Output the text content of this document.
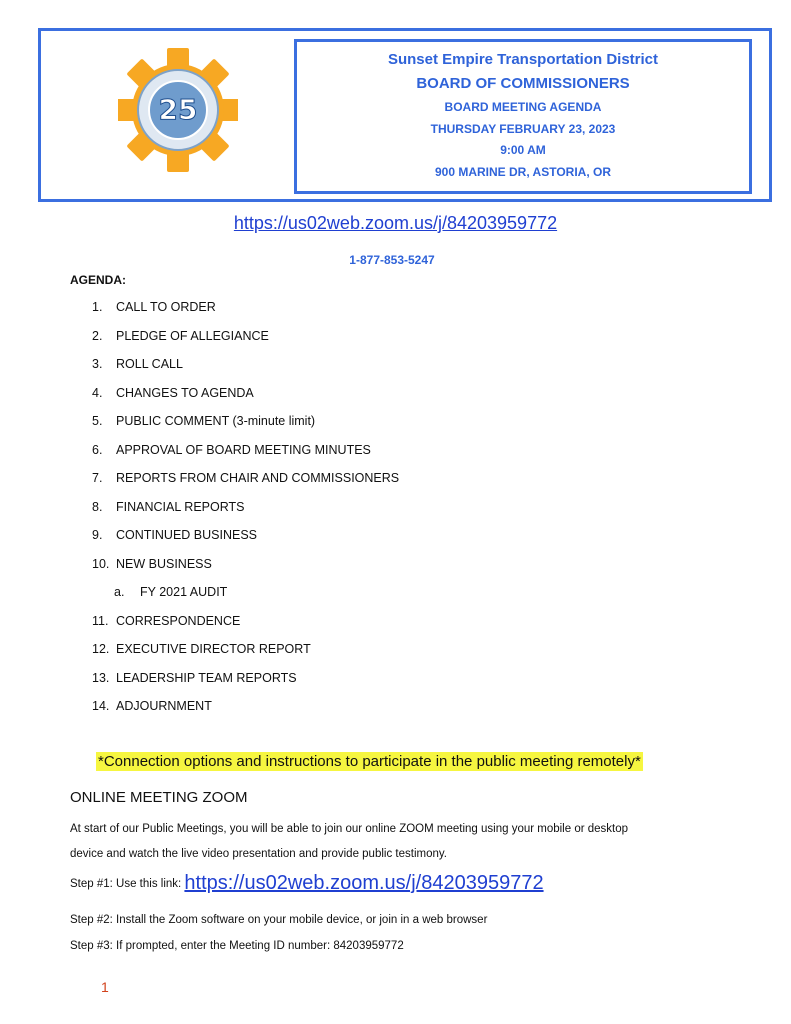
25
Sunset Empire Transportation District
BOARD OF COMMISSIONERS
BOARD MEETING AGENDA
THURSDAY FEBRUARY 23, 2023
9:00 AM
900 MARINE DR, ASTORIA, OR
https://us02web.zoom.us/j/84203959772
1-877-853-5247
AGENDA:
1. CALL TO ORDER
2. PLEDGE OF ALLEGIANCE
3. ROLL CALL
4. CHANGES TO AGENDA
5. PUBLIC COMMENT (3-minute limit)
6. APPROVAL OF BOARD MEETING MINUTES
7. REPORTS FROM CHAIR AND COMMISSIONERS
8. FINANCIAL REPORTS
9. CONTINUED BUSINESS
10. NEW BUSINESS
a. FY 2021 AUDIT
11. CORRESPONDENCE
12. EXECUTIVE DIRECTOR REPORT
13. LEADERSHIP TEAM REPORTS
14. ADJOURNMENT
*Connection options and instructions to participate in the public meeting remotely*
ONLINE MEETING ZOOM
At start of our Public Meetings, you will be able to join our online ZOOM meeting using your mobile or desktop
device and watch the live video presentation and provide public testimony.
Step #1: Use this link: https://us02web.zoom.us/j/84203959772
Step #2: Install the Zoom software on your mobile device, or join in a web browser
Step #3: If prompted, enter the Meeting ID number: 84203959772
1
